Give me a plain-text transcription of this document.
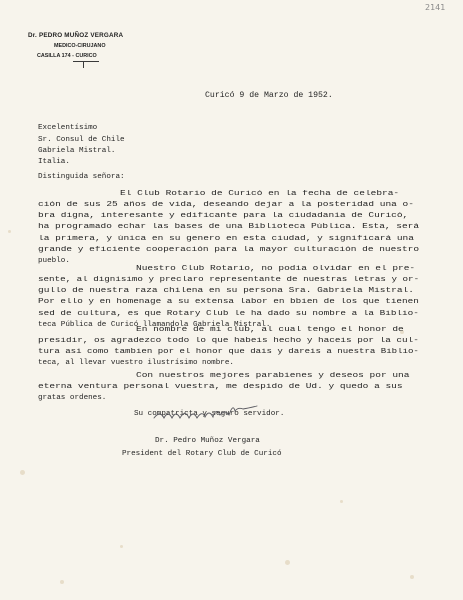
2141
Dr. PEDRO MUÑOZ VERGARA
MEDICO-CIRUJANO
CASILLA 174 - CURICO
Curicó 9 de Marzo de 1952.
Distinguida señora:
Su compatricta y seguro servidor.
Dr. Pedro Muñoz Vergara
President del Rotary Club de Curicó
Excelentísimo
Sr. Consul de Chile
Gabriela Mistral.
Italia.
El Club Rotario de Curicó en la fecha de celebra-
ción de sus 25 años de vida, deseando dejar a la posteridad una o-
bra digna, interesante y edificante para la ciudadanía de Curicó,
ha programado echar las bases de una Biblioteca Pública. Esta, será
la primera, y única en su genero en esta ciudad, y significará una
grande y eficiente cooperación para la mayor culturación de nuestro
pueblo.
Nuestro Club Rotario, no podía olvidar en el pre-
sente, al dignísimo y preclaro representante de nuestras letras y or-
gullo de nuestra raza chilena en su persona Sra. Gabriela Mistral.
Por ello y en homenage a su extensa labor en bbien de los que tienen
sed de cultura, es que Rotary Club le ha dado su nombre a la Biblio-
teca Pública de Curicó llamandola Gabriela Mistral.
En nombre de mi club, al cual tengo el honor de
presidir, os agradezco todo lo que habeis hecho y haceis por la cul-
tura así como tambien por el honor que dais y dareis a nuestra Biblio-
teca, al llevar vuestro ilustrísimo nombre.
Con nuestros mejores parabienes y deseos por una
eterna ventura personal vuestra, me despido de Ud. y quedo a sus
gratas ordenes.
